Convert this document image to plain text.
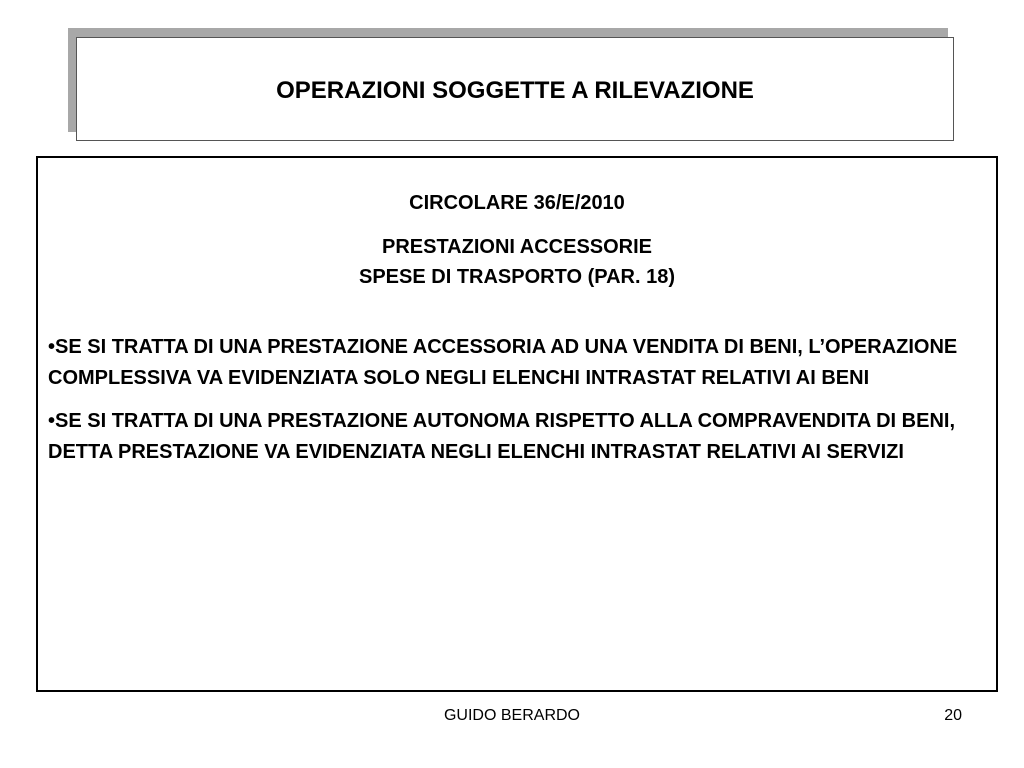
OPERAZIONI SOGGETTE A RILEVAZIONE
CIRCOLARE 36/E/2010
PRESTAZIONI ACCESSORIE
SPESE DI TRASPORTO (PAR. 18)
•SE SI TRATTA DI UNA PRESTAZIONE ACCESSORIA AD UNA VENDITA DI BENI, L’OPERAZIONE COMPLESSIVA VA EVIDENZIATA SOLO NEGLI ELENCHI INTRASTAT RELATIVI AI BENI
•SE SI TRATTA DI UNA PRESTAZIONE AUTONOMA RISPETTO ALLA COMPRAVENDITA DI BENI, DETTA PRESTAZIONE VA EVIDENZIATA NEGLI ELENCHI INTRASTAT RELATIVI AI SERVIZI
GUIDO BERARDO	20
